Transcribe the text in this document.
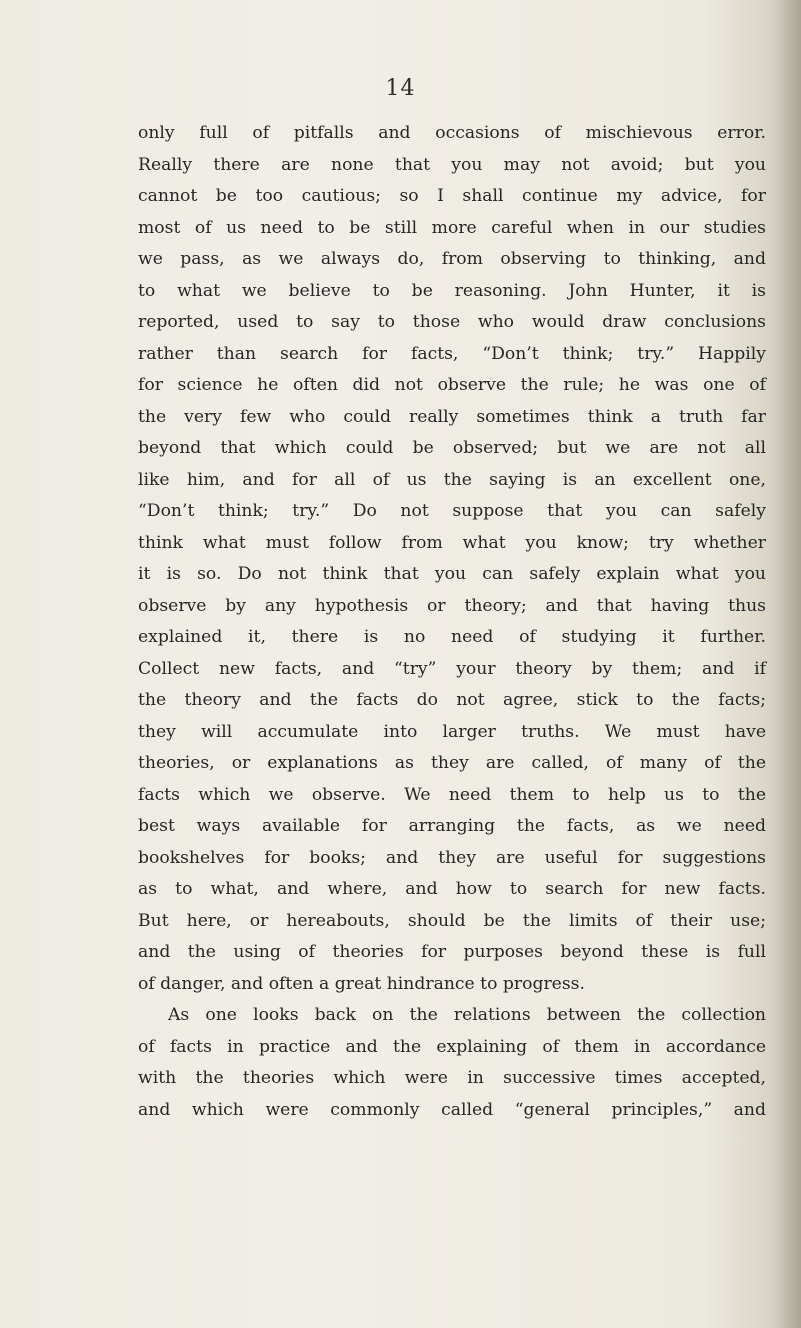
14
only full of pitfalls and occasions of mischievous error.
Really there are none that you may not avoid; but you
cannot be too cautious; so I shall continue my advice, for
most of us need to be still more careful when in our studies
we pass, as we always do, from observing to thinking, and
to what we believe to be reasoning. John Hunter, it is
reported, used to say to those who would draw conclusions
rather than search for facts, “Don’t think; try.” Happily
for science he often did not observe the rule; he was one of
the very few who could really sometimes think a truth far
beyond that which could be observed; but we are not all
like him, and for all of us the saying is an excellent one,
“Don’t think; try.” Do not suppose that you can safely
think what must follow from what you know; try whether
it is so. Do not think that you can safely explain what you
observe by any hypothesis or theory; and that having thus
explained it, there is no need of studying it further.
Collect new facts, and “try” your theory by them; and if
the theory and the facts do not agree, stick to the facts;
they will accumulate into larger truths. We must have
theories, or explanations as they are called, of many of the
facts which we observe. We need them to help us to the
best ways available for arranging the facts, as we need
bookshelves for books; and they are useful for suggestions
as to what, and where, and how to search for new facts.
But here, or hereabouts, should be the limits of their use;
and the using of theories for purposes beyond these is full
of danger, and often a great hindrance to progress.
As one looks back on the relations between the collection
of facts in practice and the explaining of them in accordance
with the theories which were in successive times accepted,
and which were commonly called “general principles,” and
